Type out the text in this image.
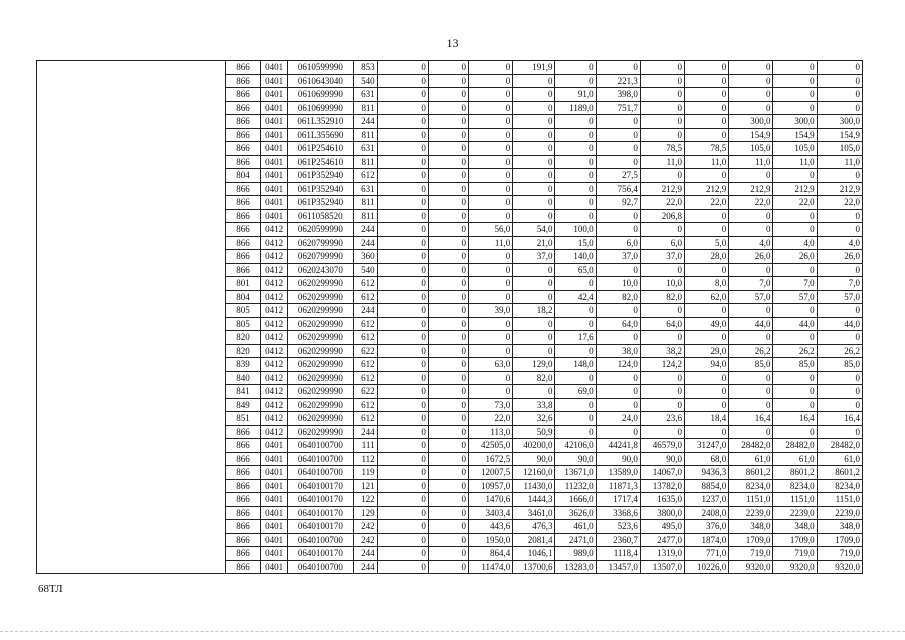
13
	866	0401	0610599990	853	0	0	0	191,9	0	0	0	0	0	0	0
	866	0401	0610643040	540	0	0	0	0	0	221,3	0	0	0	0	0
	866	0401	0610699990	631	0	0	0	0	91,0	398,0	0	0	0	0	0
	866	0401	0610699990	811	0	0	0	0	1189,0	751,7	0	0	0	0	0
	866	0401	061L352910	244	0	0	0	0	0	0	0	0	300,0	300,0	300,0
	866	0401	061L355690	811	0	0	0	0	0	0	0	0	154,9	154,9	154,9
	866	0401	061P254610	631	0	0	0	0	0	0	78,5	78,5	105,0	105,0	105,0
	866	0401	061P254610	811	0	0	0	0	0	0	11,0	11,0	11,0	11,0	11,0
	804	0401	061P352940	612	0	0	0	0	0	27,5	0	0	0	0	0
	866	0401	061P352940	631	0	0	0	0	0	756,4	212,9	212,9	212,9	212,9	212,9
	866	0401	061P352940	811	0	0	0	0	0	92,7	22,0	22,0	22,0	22,0	22,0
	866	0401	0611058520	811	0	0	0	0	0	0	206,8	0	0	0	0
	866	0412	0620599990	244	0	0	56,0	54,0	100,0	0	0	0	0	0	0
	866	0412	0620799990	244	0	0	11,0	21,0	15,0	6,0	6,0	5,0	4,0	4,0	4,0
	866	0412	0620799990	360	0	0	0	37,0	140,0	37,0	37,0	28,0	26,0	26,0	26,0
	866	0412	0620243070	540	0	0	0	0	65,0	0	0	0	0	0	0
	801	0412	0620299990	612	0	0	0	0	0	10,0	10,0	8,0	7,0	7,0	7,0
	804	0412	0620299990	612	0	0	0	0	42,4	82,0	82,0	62,0	57,0	57,0	57,0
	805	0412	0620299990	244	0	0	39,0	18,2	0	0	0	0	0	0	0
	805	0412	0620299990	612	0	0	0	0	0	64,0	64,0	49,0	44,0	44,0	44,0
	820	0412	0620299990	612	0	0	0	0	17,6	0	0	0	0	0	0
	820	0412	0620299990	622	0	0	0	0	0	38,0	38,2	29,0	26,2	26,2	26,2
	839	0412	0620299990	612	0	0	63,0	129,0	148,0	124,0	124,2	94,0	85,0	85,0	85,0
	840	0412	0620299990	612	0	0	0	82,0	0	0	0	0	0	0	0
	841	0412	0620299990	622	0	0	0	0	69,0	0	0	0	0	0	0
	849	0412	0620299990	612	0	0	73,0	33,8	0	0	0	0	0	0	0
	851	0412	0620299990	612	0	0	22,0	32,6	0	24,0	23,6	18,4	16,4	16,4	16,4
	866	0412	0620299990	244	0	0	113,0	50,9	0	0	0	0	0	0	0
	866	0401	0640100700	111	0	0	42505,0	40200,0	42106,0	44241,8	46579,0	31247,0	28482,0	28482,0	28482,0
	866	0401	0640100700	112	0	0	1672,5	90,0	90,0	90,0	90,0	68,0	61,0	61,0	61,0
	866	0401	0640100700	119	0	0	12007,5	12160,0	13671,0	13589,0	14067,0	9436,3	8601,2	8601,2	8601,2
	866	0401	0640100170	121	0	0	10957,0	11430,0	11232,0	11871,3	13782,0	8854,0	8234,0	8234,0	8234,0
	866	0401	0640100170	122	0	0	1470,6	1444,3	1666,0	1717,4	1635,0	1237,0	1151,0	1151,0	1151,0
	866	0401	0640100170	129	0	0	3403,4	3461,0	3626,0	3368,6	3800,0	2408,0	2239,0	2239,0	2239,0
	866	0401	0640100170	242	0	0	443,6	476,3	461,0	523,6	495,0	376,0	348,0	348,0	348,0
	866	0401	0640100700	242	0	0	1950,0	2081,4	2471,0	2360,7	2477,0	1874,0	1709,0	1709,0	1709,0
	866	0401	0640100170	244	0	0	864,4	1046,1	989,0	1118,4	1319,0	771,0	719,0	719,0	719,0
	866	0401	0640100700	244	0	0	11474,0	13700,6	13283,0	13457,0	13507,0	10226,0	9320,0	9320,0	9320,0
68ТЛ
